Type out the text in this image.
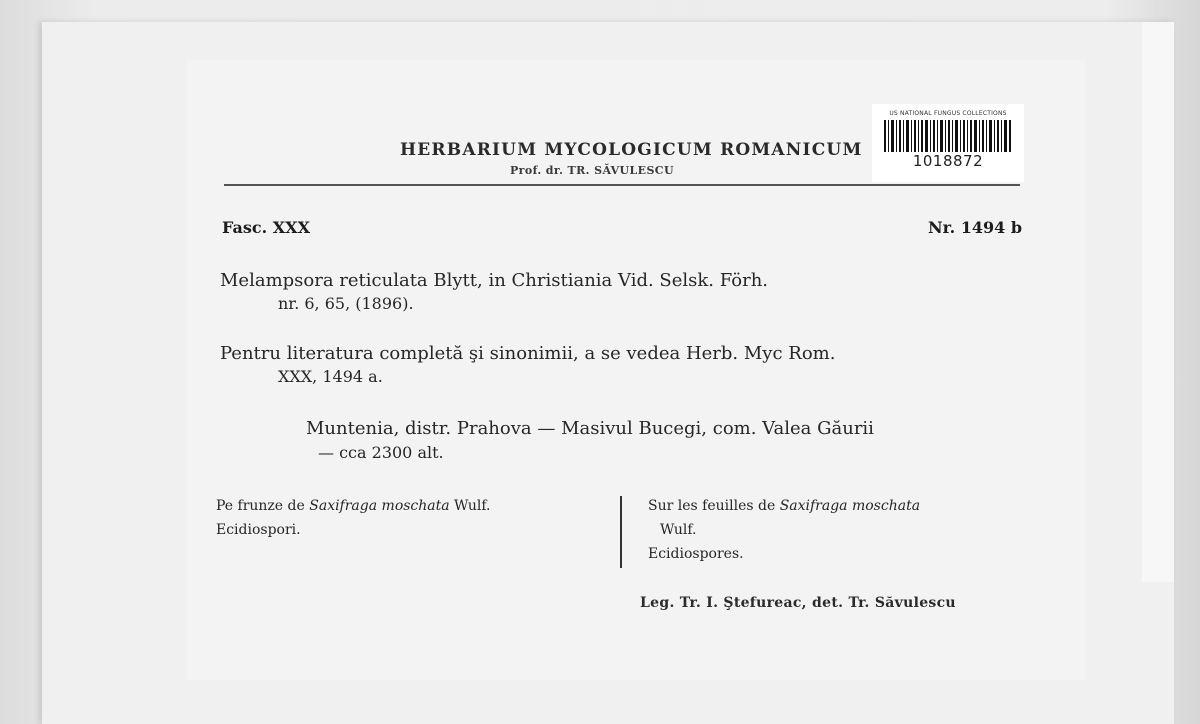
HERBARIUM MYCOLOGICUM ROMANICUM
Prof. dr. TR. SĂVULESCU
US NATIONAL FUNGUS COLLECTIONS
1018872
Fasc. XXX	Nr. 1494 b
Melampsora reticulata Blytt, in Christiania Vid. Selsk. Förh.
nr. 6, 65, (1896).
Pentru literatura completă şi sinonimii, a se vedea Herb. Myc Rom.
XXX, 1494 a.
Muntenia, distr. Prahova — Masivul Bucegi, com. Valea Găurii
— cca 2300 alt.
Pe frunze de Saxifraga moschata Wulf.
Ecidiospori.
Sur les feuilles de Saxifraga moschata
Wulf.
Ecidiospores.
Leg. Tr. I. Ştefureac, det. Tr. Săvulescu
